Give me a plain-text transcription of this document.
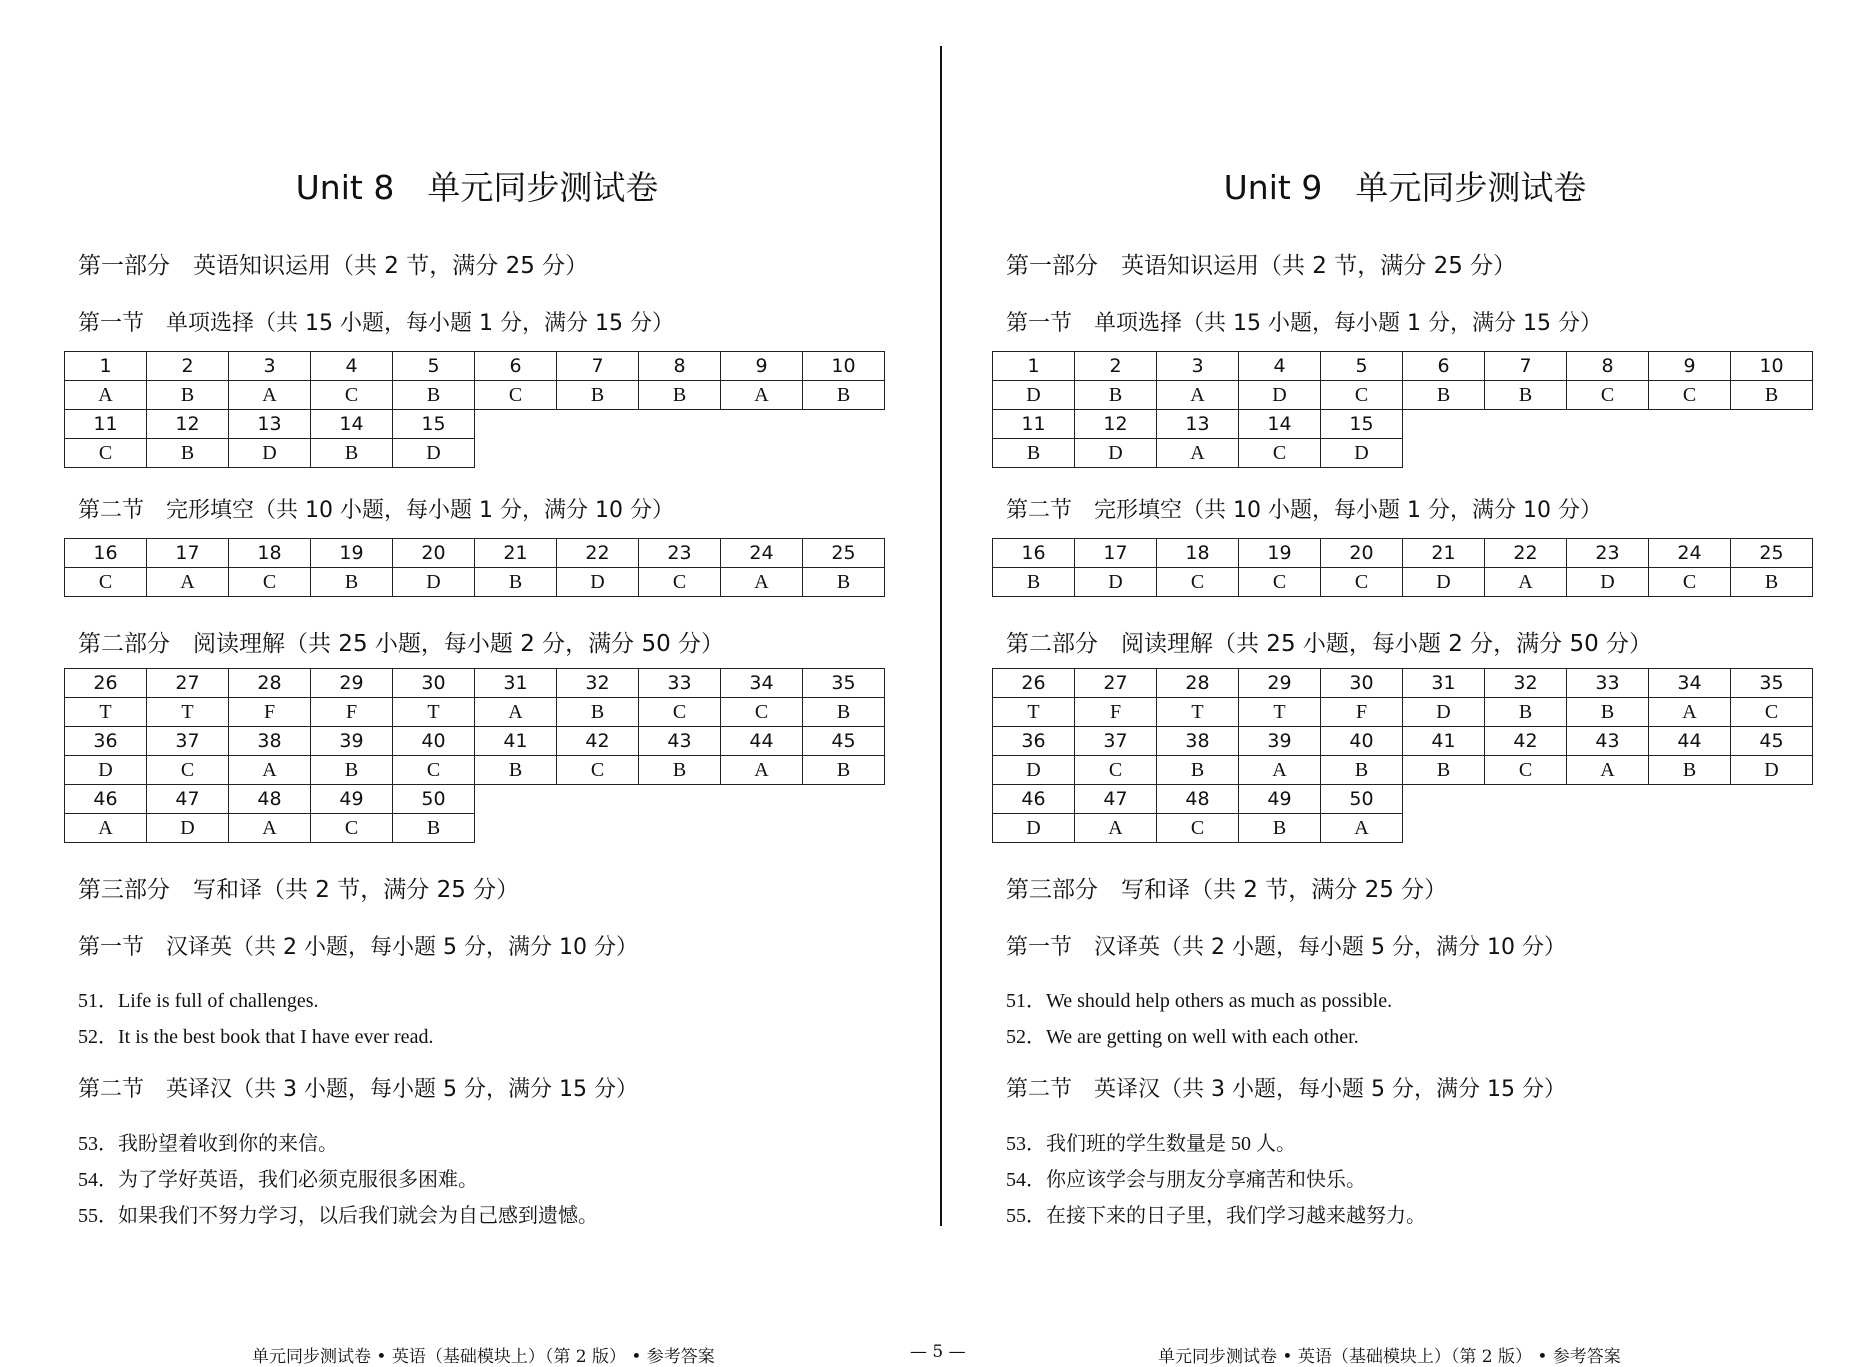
Unit 8　单元同步测试卷
第一部分　英语知识运用（共 2 节，满分 25 分）
第一节　单项选择（共 15 小题，每小题 1 分，满分 15 分）
1	2	3	4	5	6	7	8	9	10
A	B	A	C	B	C	B	B	A	B
11	12	13	14	15					
C	B	D	B	D					
第二节　完形填空（共 10 小题，每小题 1 分，满分 10 分）
16	17	18	19	20	21	22	23	24	25
C	A	C	B	D	B	D	C	A	B
第二部分　阅读理解（共 25 小题，每小题 2 分，满分 50 分）
26	27	28	29	30	31	32	33	34	35
T	T	F	F	T	A	B	C	C	B
36	37	38	39	40	41	42	43	44	45
D	C	A	B	C	B	C	B	A	B
46	47	48	49	50					
A	D	A	C	B					
第三部分　写和译（共 2 节，满分 25 分）
第一节　汉译英（共 2 小题，每小题 5 分，满分 10 分）
51．Life is full of challenges.
52．It is the best book that I have ever read.
第二节　英译汉（共 3 小题，每小题 5 分，满分 15 分）
53．我盼望着收到你的来信。
54．为了学好英语，我们必须克服很多困难。
55．如果我们不努力学习，以后我们就会为自己感到遗憾。
Unit 9　单元同步测试卷
第一部分　英语知识运用（共 2 节，满分 25 分）
第一节　单项选择（共 15 小题，每小题 1 分，满分 15 分）
1	2	3	4	5	6	7	8	9	10
D	B	A	D	C	B	B	C	C	B
11	12	13	14	15					
B	D	A	C	D					
第二节　完形填空（共 10 小题，每小题 1 分，满分 10 分）
16	17	18	19	20	21	22	23	24	25
B	D	C	C	C	D	A	D	C	B
第二部分　阅读理解（共 25 小题，每小题 2 分，满分 50 分）
26	27	28	29	30	31	32	33	34	35
T	F	T	T	F	D	B	B	A	C
36	37	38	39	40	41	42	43	44	45
D	C	B	A	B	B	C	A	B	D
46	47	48	49	50					
D	A	C	B	A					
第三部分　写和译（共 2 节，满分 25 分）
第一节　汉译英（共 2 小题，每小题 5 分，满分 10 分）
51．We should help others as much as possible.
52．We are getting on well with each other.
第二节　英译汉（共 3 小题，每小题 5 分，满分 15 分）
53．我们班的学生数量是 50 人。
54．你应该学会与朋友分享痛苦和快乐。
55．在接下来的日子里，我们学习越来越努力。
单元同步测试卷 • 英语（基础模块上）（第 2 版） • 参考答案	— 5 —	单元同步测试卷 • 英语（基础模块上）（第 2 版） • 参考答案
